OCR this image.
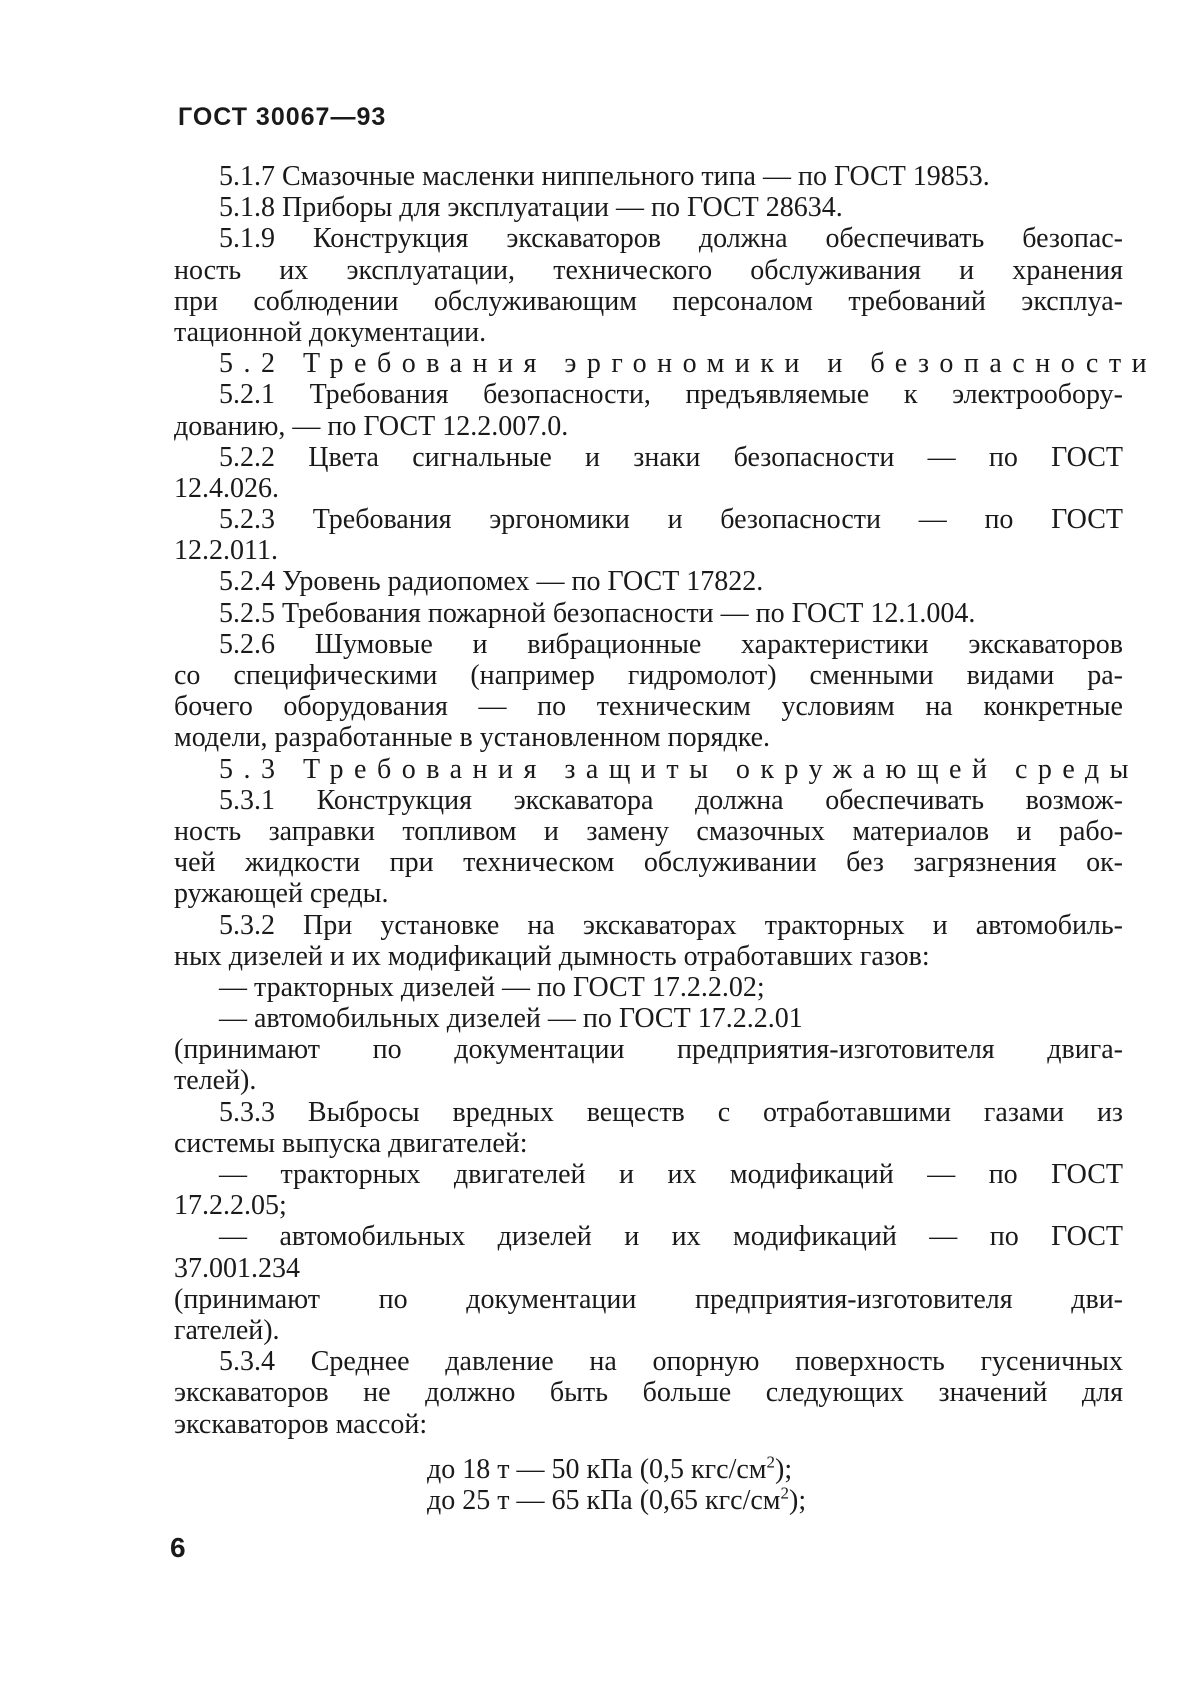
ГОСТ 30067—93
5.1.7 Смазочные масленки ниппельного типа — по ГОСТ 19853.
5.1.8 Приборы для эксплуатации — по ГОСТ 28634.
5.1.9 Конструкция экскаваторов должна обеспечивать безопас-
ность их эксплуатации, технического обслуживания и хранения
при соблюдении обслуживающим персоналом требований эксплуа-
тационной документации.
5.2 Требования эргономики и безопасности
5.2.1 Требования безопасности, предъявляемые к электрообору-
дованию, — по ГОСТ 12.2.007.0.
5.2.2 Цвета сигнальные и знаки безопасности — по ГОСТ
12.4.026.
5.2.3 Требования эргономики и безопасности — по ГОСТ
12.2.011.
5.2.4 Уровень радиопомех — по ГОСТ 17822.
5.2.5 Требования пожарной безопасности — по ГОСТ 12.1.004.
5.2.6 Шумовые и вибрационные характеристики экскаваторов
со специфическими (например гидромолот) сменными видами ра-
бочего оборудования — по техническим условиям на конкретные
модели, разработанные в установленном порядке.
5.3 Требования защиты окружающей среды
5.3.1 Конструкция экскаватора должна обеспечивать возмож-
ность заправки топливом и замену смазочных материалов и рабо-
чей жидкости при техническом обслуживании без загрязнения ок-
ружающей среды.
5.3.2 При установке на экскаваторах тракторных и автомобиль-
ных дизелей и их модификаций дымность отработавших газов:
— тракторных дизелей — по ГОСТ 17.2.2.02;
— автомобильных дизелей — по ГОСТ 17.2.2.01
(принимают по документации предприятия-изготовителя двига-
телей).
5.3.3 Выбросы вредных веществ с отработавшими газами из
системы выпуска двигателей:
— тракторных двигателей и их модификаций — по ГОСТ
17.2.2.05;
— автомобильных дизелей и их модификаций — по ГОСТ
37.001.234
(принимают по документации предприятия-изготовителя дви-
гателей).
5.3.4 Среднее давление на опорную поверхность гусеничных
экскаваторов не должно быть больше следующих значений для
экскаваторов массой:
до 18 т — 50 кПа (0,5 кгс/$см^2$);
до 25 т — 65 кПа (0,65 кгс/$см^2$);
6
